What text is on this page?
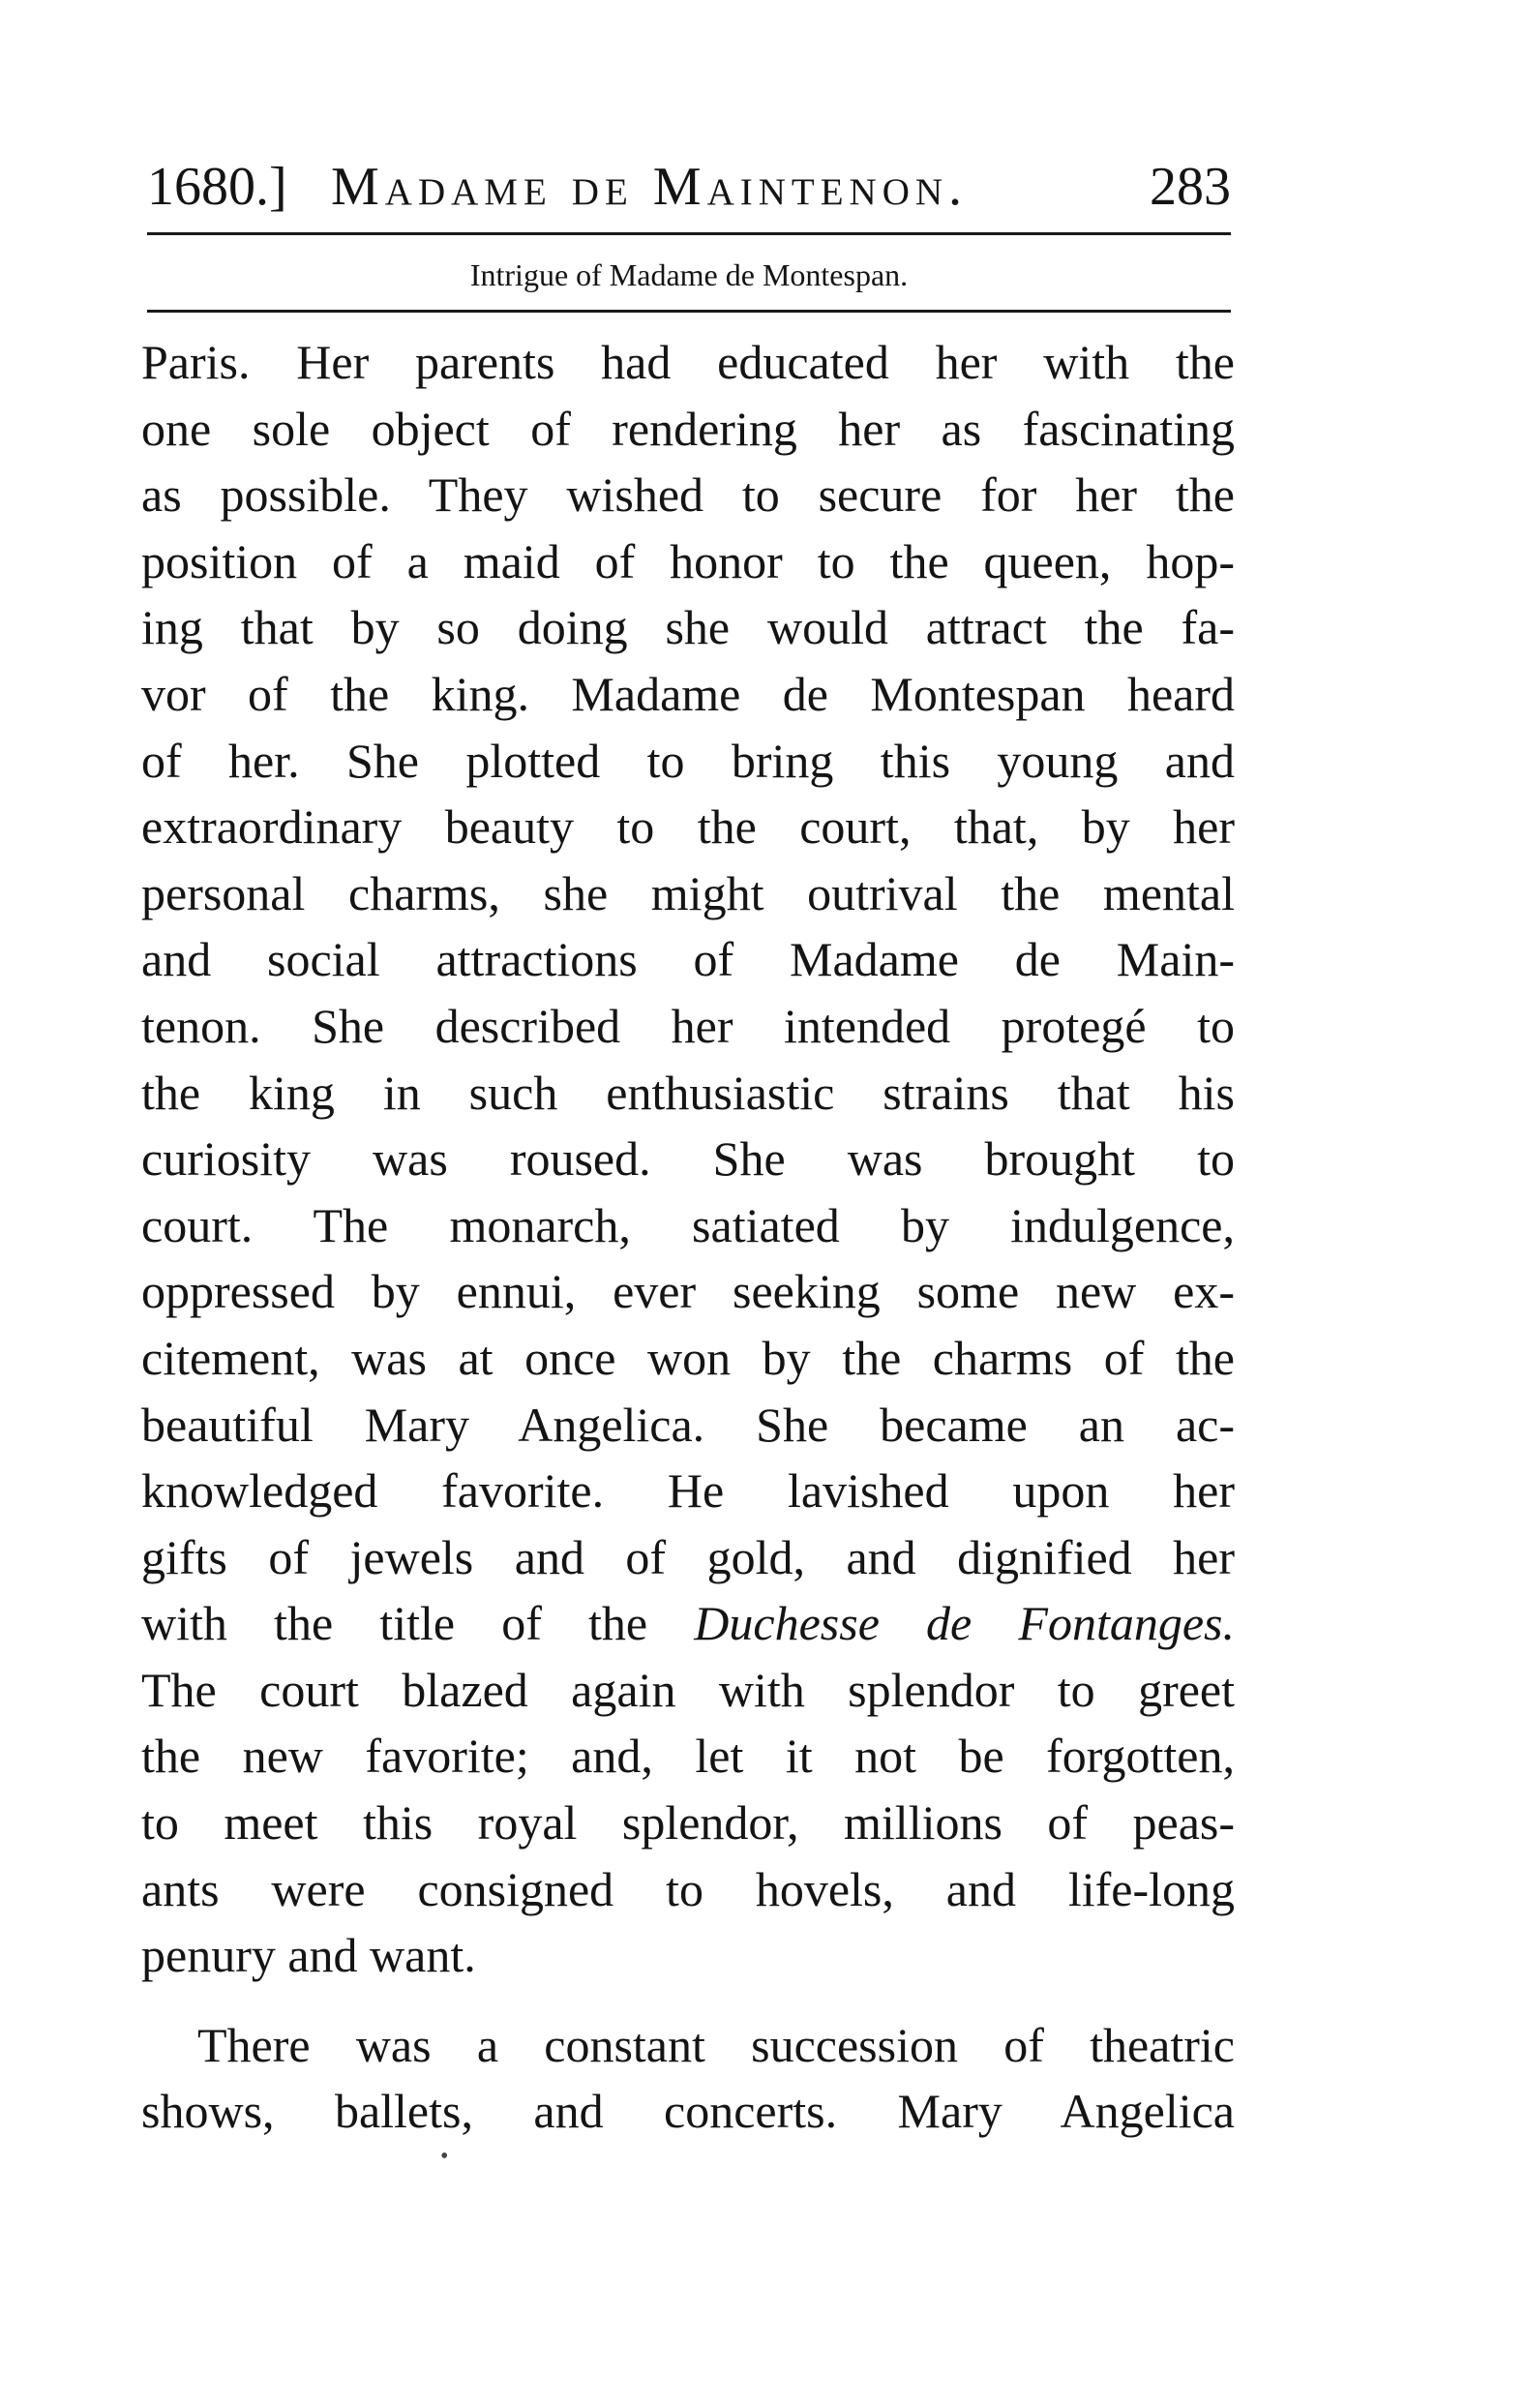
1680.] Madame de Maintenon.	283
Intrigue of Madame de Montespan.
Paris. Her parents had educated her with the
one sole object of rendering her as fascinating
as possible. They wished to secure for her the
position of a maid of honor to the queen, hop-
ing that by so doing she would attract the fa-
vor of the king. Madame de Montespan heard
of her. She plotted to bring this young and
extraordinary beauty to the court, that, by her
personal charms, she might outrival the mental
and social attractions of Madame de Main-
tenon. She described her intended protegé to
the king in such enthusiastic strains that his
curiosity was roused. She was brought to
court. The monarch, satiated by indulgence,
oppressed by ennui, ever seeking some new ex-
citement, was at once won by the charms of the
beautiful Mary Angelica. She became an ac-
knowledged favorite. He lavished upon her
gifts of jewels and of gold, and dignified her
with the title of the Duchesse de Fontanges.
The court blazed again with splendor to greet
the new favorite; and, let it not be forgotten,
to meet this royal splendor, millions of peas-
ants were consigned to hovels, and life-long
penury and want.
There was a constant succession of theatric
shows, ballets, and concerts. Mary Angelica
•
